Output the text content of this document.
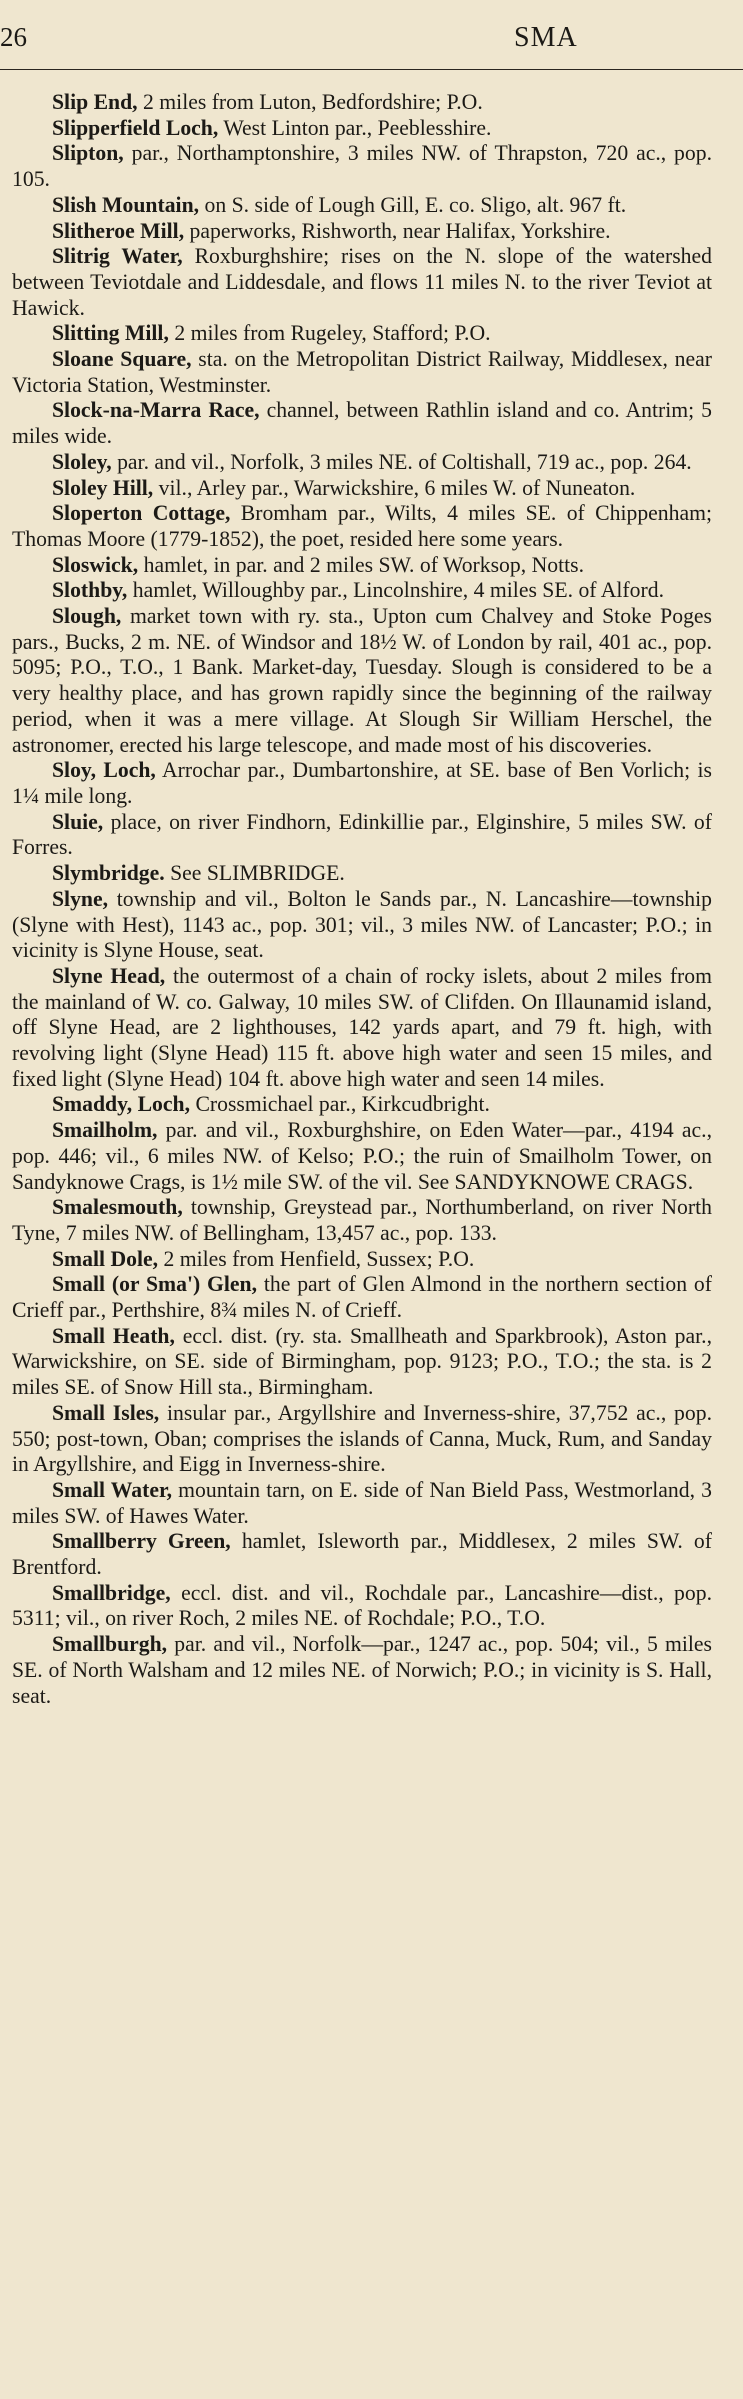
26	SMA

Slip End, 2 miles from Luton, Bedfordshire; P.O.

Slipperfield Loch, West Linton par., Peeblesshire.

Slipton, par., Northamptonshire, 3 miles NW. of Thrapston, 720 ac., pop. 105.

Slish Mountain, on S. side of Lough Gill, E. co. Sligo, alt. 967 ft.

Slitheroe Mill, paperworks, Rishworth, near Halifax, Yorkshire.

Slitrig Water, Roxburghshire; rises on the N. slope of the watershed between Teviotdale and Liddesdale, and flows 11 miles N. to the river Teviot at Hawick.

Slitting Mill, 2 miles from Rugeley, Stafford; P.O.

Sloane Square, sta. on the Metropolitan District Railway, Middlesex, near Victoria Station, Westminster.

Slock-na-Marra Race, channel, between Rathlin island and co. Antrim; 5 miles wide.

Sloley, par. and vil., Norfolk, 3 miles NE. of Coltishall, 719 ac., pop. 264.

Sloley Hill, vil., Arley par., Warwickshire, 6 miles W. of Nuneaton.

Sloperton Cottage, Bromham par., Wilts, 4 miles SE. of Chippenham; Thomas Moore (1779-1852), the poet, resided here some years.

Sloswick, hamlet, in par. and 2 miles SW. of Worksop, Notts.

Slothby, hamlet, Willoughby par., Lincolnshire, 4 miles SE. of Alford.

Slough, market town with ry. sta., Upton cum Chalvey and Stoke Poges pars., Bucks, 2 m. NE. of Windsor and 18½ W. of London by rail, 401 ac., pop. 5095; P.O., T.O., 1 Bank. Market-day, Tuesday. Slough is considered to be a very healthy place, and has grown rapidly since the beginning of the railway period, when it was a mere village. At Slough Sir William Herschel, the astronomer, erected his large telescope, and made most of his discoveries.

Sloy, Loch, Arrochar par., Dumbartonshire, at SE. base of Ben Vorlich; is 1¼ mile long.

Sluie, place, on river Findhorn, Edinkillie par., Elginshire, 5 miles SW. of Forres.

Slymbridge. See SLIMBRIDGE.

Slyne, township and vil., Bolton le Sands par., N. Lancashire—township (Slyne with Hest), 1143 ac., pop. 301; vil., 3 miles NW. of Lancaster; P.O.; in vicinity is Slyne House, seat.

Slyne Head, the outermost of a chain of rocky islets, about 2 miles from the mainland of W. co. Galway, 10 miles SW. of Clifden. On Illaunamid island, off Slyne Head, are 2 lighthouses, 142 yards apart, and 79 ft. high, with revolving light (Slyne Head) 115 ft. above high water and seen 15 miles, and fixed light (Slyne Head) 104 ft. above high water and seen 14 miles.

Smaddy, Loch, Crossmichael par., Kirkcudbright.

Smailholm, par. and vil., Roxburghshire, on Eden Water—par., 4194 ac., pop. 446; vil., 6 miles NW. of Kelso; P.O.; the ruin of Smailholm Tower, on Sandyknowe Crags, is 1½ mile SW. of the vil. See SANDYKNOWE CRAGS.

Smalesmouth, township, Greystead par., Northumberland, on river North Tyne, 7 miles NW. of Bellingham, 13,457 ac., pop. 133.

Small Dole, 2 miles from Henfield, Sussex; P.O.

Small (or Sma') Glen, the part of Glen Almond in the northern section of Crieff par., Perthshire, 8¾ miles N. of Crieff.

Small Heath, eccl. dist. (ry. sta. Smallheath and Sparkbrook), Aston par., Warwickshire, on SE. side of Birmingham, pop. 9123; P.O., T.O.; the sta. is 2 miles SE. of Snow Hill sta., Birmingham.

Small Isles, insular par., Argyllshire and Inverness-shire, 37,752 ac., pop. 550; post-town, Oban; comprises the islands of Canna, Muck, Rum, and Sanday in Argyllshire, and Eigg in Inverness-shire.

Small Water, mountain tarn, on E. side of Nan Bield Pass, Westmorland, 3 miles SW. of Hawes Water.

Smallberry Green, hamlet, Isleworth par., Middlesex, 2 miles SW. of Brentford.

Smallbridge, eccl. dist. and vil., Rochdale par., Lancashire—dist., pop. 5311; vil., on river Roch, 2 miles NE. of Rochdale; P.O., T.O.

Smallburgh, par. and vil., Norfolk—par., 1247 ac., pop. 504; vil., 5 miles SE. of North Walsham and 12 miles NE. of Norwich; P.O.; in vicinity is S. Hall, seat.
